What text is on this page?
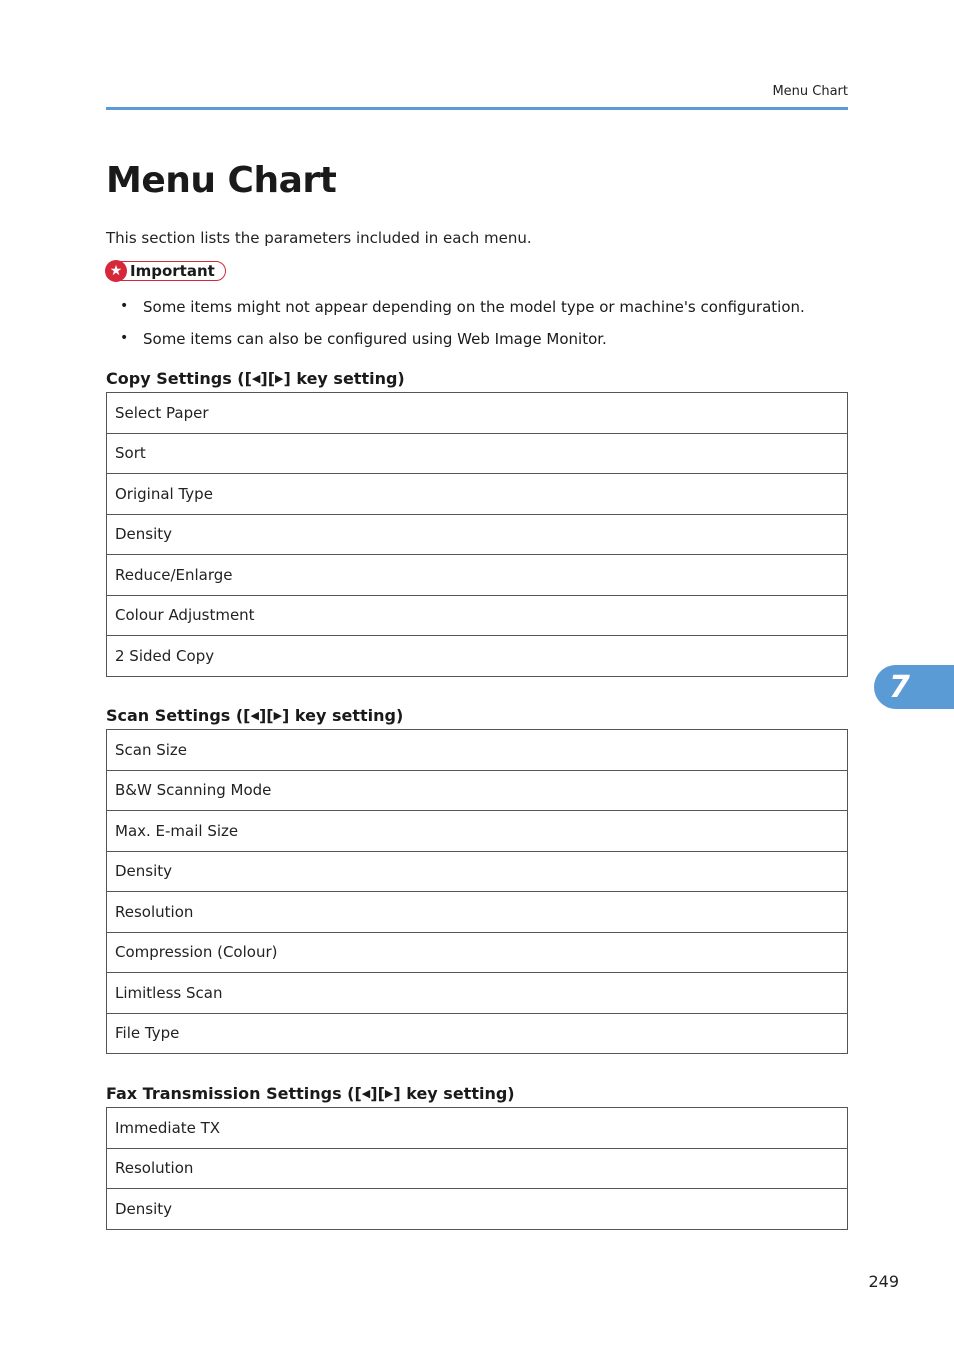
Menu Chart
Menu Chart
This section lists the parameters included in each menu.
★ Important
• Some items might not appear depending on the model type or machine's configuration.
• Some items can also be configured using Web Image Monitor.
Copy Settings ([◀][▶] key setting)
Select Paper
Sort
Original Type
Density
Reduce/Enlarge
Colour Adjustment
2 Sided Copy
Scan Settings ([◀][▶] key setting)
Scan Size
B&W Scanning Mode
Max. E-mail Size
Density
Resolution
Compression (Colour)
Limitless Scan
File Type
Fax Transmission Settings ([◀][▶] key setting)
Immediate TX
Resolution
Density
7
249
